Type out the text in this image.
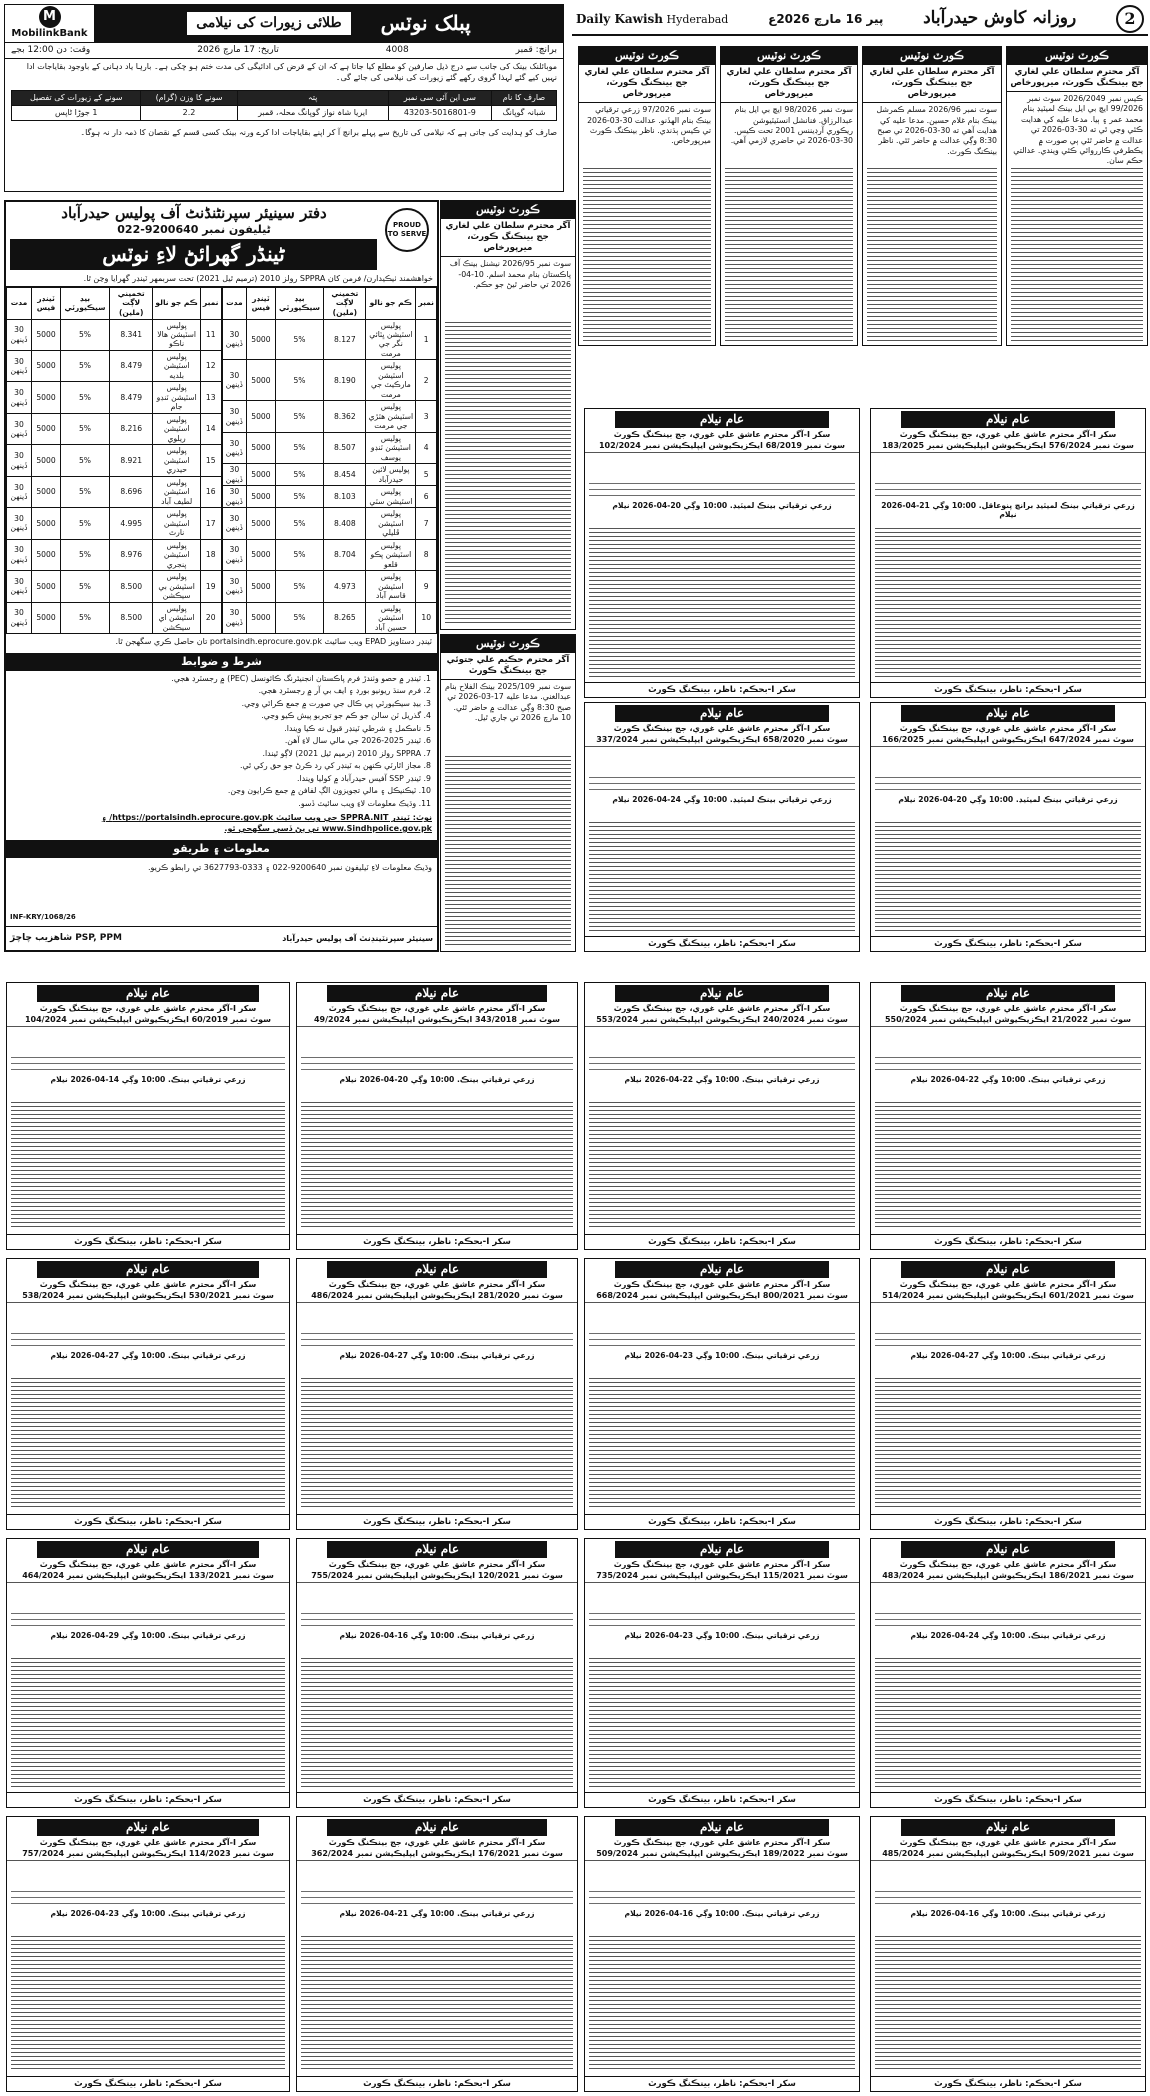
Daily Kawish Hyderabad	پیر 16 مارچ 2026ع روزانہ کاوش حیدرآباد	2
M
MobilinkBank
طلائی زیورات کی نیلامی	پبلک نوٽس
برانچ: قمبر
4008
تاریخ: 17 مارچ 2026
وقت: دن 12:00 بجے
موبائلنک بینک کی جانب سے درج ذیل صارفین کو مطلع کیا جاتا ہے کہ ان کے قرض کی ادائیگی کی مدت ختم ہو چکی ہے۔ بارہا یاد دہانی کے باوجود بقایاجات ادا نہیں کیے گئے لہذا گروی رکھے گئے زیورات کی نیلامی کی جائے گی۔
صارف کا نام	سی این آئی سی نمبر	پتہ	سونے کا وزن (گرام)	سونے کے زیورات کی تفصیل
شبانہ گوپانگ	43203-5016801-9	ایریا شاہ نواز گوپانگ محلہ، قمبر	2.2	1 جوڑا ٹاپس
صارف کو ہدایت کی جاتی ہے کہ نیلامی کی تاریخ سے پہلے برانچ آ کر اپنے بقایاجات ادا کرے ورنہ بینک کسی قسم کے نقصان کا ذمہ دار نہ ہوگا۔
PROUD TO SERVE
دفتر سینیئر سپرنٹنڈنٹ آف پولیس حیدرآباد
ٹیلیفون نمبر 9200640-022
ٹینڈر گھرائڻ لاءِ نوٽس
خواهشمند ٺيڪيدارن/ فرمن کان SPPRA رولز 2010 (ترميم ٿيل 2021) تحت سربمهر ٽينڊر گهرايا وڃن ٿا.
نمبر	ڪم جو نالو	تخميني لاڳت (ملين)	بيڊ سيڪيورٽي	ٽينڊر فيس	مدت
1	پوليس اسٽيشن ڀٽائي نگر جي مرمت	8.127	5%	5000	30 ڏينهن
2	پوليس اسٽيشن مارڪيٽ جي مرمت	8.190	5%	5000	30 ڏينهن
3	پوليس اسٽيشن هٽڙي جي مرمت	8.362	5%	5000	30 ڏينهن
4	پوليس اسٽيشن ٽنڊو يوسف	8.507	5%	5000	30 ڏينهن
5	پوليس لائين حيدرآباد	8.454	5%	5000	30 ڏينهن
6	پوليس اسٽيشن سٽي	8.103	5%	5000	30 ڏينهن
7	پوليس اسٽيشن ڦليلي	8.408	5%	5000	30 ڏينهن
8	پوليس اسٽيشن پڪو قلعو	8.704	5%	5000	30 ڏينهن
9	پوليس اسٽيشن قاسم آباد	4.973	5%	5000	30 ڏينهن
10	پوليس اسٽيشن حسين آباد	8.265	5%	5000	30 ڏينهن
نمبر	ڪم جو نالو	تخميني لاڳت (ملين)	بيڊ سيڪيورٽي	ٽينڊر فيس	مدت
11	پوليس اسٽيشن هالا ناڪو	8.341	5%	5000	30 ڏينهن
12	پوليس اسٽيشن بلديه	8.479	5%	5000	30 ڏينهن
13	پوليس اسٽيشن ٽنڊو جام	8.479	5%	5000	30 ڏينهن
14	پوليس اسٽيشن ريلوي	8.216	5%	5000	30 ڏينهن
15	پوليس اسٽيشن حيدري	8.921	5%	5000	30 ڏينهن
16	پوليس اسٽيشن لطيف آباد	8.696	5%	5000	30 ڏينهن
17	پوليس اسٽيشن نارٿ	4.995	5%	5000	30 ڏينهن
18	پوليس اسٽيشن پنجري	8.976	5%	5000	30 ڏينهن
19	پوليس اسٽيشن بي سيڪشن	8.500	5%	5000	30 ڏينهن
20	پوليس اسٽيشن اي سيڪشن	8.500	5%	5000	30 ڏينهن
ٽينڊر دستاويز EPAD ويب سائيٽ portalsindh.eprocure.gov.pk تان حاصل ڪري سگهجن ٿا.
شرط و ضوابط
1. ٽينڊر ۾ حصو وٺندڙ فرم پاڪستان انجنيئرنگ ڪائونسل (PEC) ۾ رجسٽرڊ هجي.
2. فرم سنڌ ريونيو بورڊ ۽ ايف بي آر ۾ رجسٽرڊ هجي.
3. بيڊ سيڪيورٽي پي ڪال جي صورت ۾ جمع ڪرائي وڃي.
4. گذريل ٽن سالن جو ڪم جو تجربو پيش ڪيو وڃي.
5. نامڪمل ۽ شرطي ٽينڊر قبول نه ڪيا ويندا.
6. ٽينڊر 2025-2026 جي مالي سال لاءِ آهن.
7. SPPRA رولز 2010 (ترميم ٿيل 2021) لاڳو ٿيندا.
8. مجاز اٿارٽي ڪنهن به ٽينڊر کي رد ڪرڻ جو حق رکي ٿي.
9. ٽينڊر SSP آفيس حيدرآباد ۾ کوليا ويندا.
10. ٽيڪنيڪل ۽ مالي تجويزون الڳ لفافن ۾ جمع ڪرايون وڃن.
11. وڌيڪ معلومات لاءِ ويب سائيٽ ڏسو.
نوٽ: ٽينڊر SPPRA.NIT جي ويب سائيٽ https://portalsindh.eprocure.gov.pk/ ۽ www.Sindhpolice.gov.pk تي پڻ ڏسي سگهجي ٿو.
معلومات ۽ طريقو
وڌيڪ معلومات لاءِ ٽيليفون نمبر 9200640-022 ۽ 0333-3627793 تي رابطو ڪريو.
INF-KRY/1068/26
شاهزيب چاچڙ PSP, PPM	سينيئر سپرنٽينڊنٽ آف پوليس حيدرآباد
ڪورٽ نوٽيس
آگر محترم سلطان علي لغاري جج بينڪنگ ڪورٽ، ميرپورخاص
ڪيس نمبر 2026/2049 سوٽ نمبر 99/2026 ايڇ بي ايل بينڪ لميٽيڊ بنام محمد عمر ۽ ٻيا. مدعا عليه کي هدايت ڪئي وڃي ٿي ته 30-03-2026 تي عدالت ۾ حاضر ٿئي ٻي صورت ۾ يڪطرفي ڪارروائي ڪئي ويندي. عدالتي حڪم سان.
ڪورٽ نوٽيس
آگر محترم سلطان علي لغاري جج بينڪنگ ڪورٽ، ميرپورخاص
سوٽ نمبر 2026/96 مسلم ڪمرشل بينڪ بنام غلام حسين. مدعا عليه کي هدايت آهي ته 30-03-2026 تي صبح 8:30 وڳي عدالت ۾ حاضر ٿئي. ناظر بينڪنگ ڪورٽ.
ڪورٽ نوٽيس
آگر محترم سلطان علي لغاري جج بينڪنگ ڪورٽ، ميرپورخاص
سوٽ نمبر 98/2026 ايڇ بي ايل بنام عبدالرزاق. فنانشل انسٽيٽيوشن ريڪوري آرڊيننس 2001 تحت ڪيس. 30-03-2026 تي حاضري لازمي آهي.
ڪورٽ نوٽيس
آگر محترم سلطان علي لغاري جج بينڪنگ ڪورٽ، ميرپورخاص
سوٽ نمبر 97/2026 زرعي ترقياتي بينڪ بنام الهڏنو. عدالت 30-03-2026 تي ڪيس ٻڌندي. ناظر بينڪنگ ڪورٽ ميرپورخاص.
ڪورٽ نوٽيس
آگر محترم سلطان علي لغاري جج بينڪنگ ڪورٽ، ميرپورخاص
سوٽ نمبر 2026/95 نيشنل بينڪ آف پاڪستان بنام محمد اسلم. 10-04-2026 تي حاضر ٿيڻ جو حڪم.
ڪورٽ نوٽيس
آگر محترم حڪيم علي جتوئي جج بينڪنگ ڪورٽ
سوٽ نمبر 2025/109 بينڪ الفلاح بنام عبدالغني. مدعا عليه 17-03-2026 تي صبح 8:30 وڳي عدالت ۾ حاضر ٿئي. 10 مارچ 2026 تي جاري ٿيل.
عام نيلام
آگر محترم عاشق علي غوري، جج بينڪنگ ڪورٽ-I سکر
سوٽ نمبر 576/2024 ايڪزيڪيوشن ايپليڪيشن نمبر 183/2025
زرعي ترقياتي بينڪ لميٽيڊ برانچ پنوعاقل. 10:00 وڳي 21-04-2026 نيلام
بحڪم: ناظر، بينڪنگ ڪورٽ-I سکر
عام نيلام
آگر محترم عاشق علي غوري، جج بينڪنگ ڪورٽ-I سکر
سوٽ نمبر 68/2019 ايڪزيڪيوشن ايپليڪيشن نمبر 102/2024
زرعي ترقياتي بينڪ لميٽيڊ. 10:00 وڳي 20-04-2026 نيلام
بحڪم: ناظر، بينڪنگ ڪورٽ-I سکر
عام نيلام
آگر محترم عاشق علي غوري، جج بينڪنگ ڪورٽ-I سکر
سوٽ نمبر 647/2024 ايڪزيڪيوشن ايپليڪيشن نمبر 166/2025
زرعي ترقياتي بينڪ لميٽيڊ. 10:00 وڳي 20-04-2026 نيلام
بحڪم: ناظر، بينڪنگ ڪورٽ-I سکر
عام نيلام
آگر محترم عاشق علي غوري، جج بينڪنگ ڪورٽ-I سکر
سوٽ نمبر 658/2020 ايڪزيڪيوشن ايپليڪيشن نمبر 337/2024
زرعي ترقياتي بينڪ لميٽيڊ. 10:00 وڳي 24-04-2026 نيلام
بحڪم: ناظر، بينڪنگ ڪورٽ-I سکر
عام نيلام
آگر محترم عاشق علي غوري، جج بينڪنگ ڪورٽ-I سکر
سوٽ نمبر 21/2022 ايڪزيڪيوشن ايپليڪيشن نمبر 550/2024
زرعي ترقياتي بينڪ. 10:00 وڳي 22-04-2026 نيلام
بحڪم: ناظر، بينڪنگ ڪورٽ-I سکر
عام نيلام
آگر محترم عاشق علي غوري، جج بينڪنگ ڪورٽ-I سکر
سوٽ نمبر 240/2024 ايڪزيڪيوشن ايپليڪيشن نمبر 553/2024
زرعي ترقياتي بينڪ. 10:00 وڳي 22-04-2026 نيلام
بحڪم: ناظر، بينڪنگ ڪورٽ-I سکر
عام نيلام
آگر محترم عاشق علي غوري، جج بينڪنگ ڪورٽ-I سکر
سوٽ نمبر 343/2018 ايڪزيڪيوشن ايپليڪيشن نمبر 49/2024
زرعي ترقياتي بينڪ. 10:00 وڳي 20-04-2026 نيلام
بحڪم: ناظر، بينڪنگ ڪورٽ-I سکر
عام نيلام
آگر محترم عاشق علي غوري، جج بينڪنگ ڪورٽ-I سکر
سوٽ نمبر 60/2019 ايڪزيڪيوشن ايپليڪيشن نمبر 104/2024
زرعي ترقياتي بينڪ. 10:00 وڳي 14-04-2026 نيلام
بحڪم: ناظر، بينڪنگ ڪورٽ-I سکر
عام نيلام
آگر محترم عاشق علي غوري، جج بينڪنگ ڪورٽ-I سکر
سوٽ نمبر 601/2021 ايڪزيڪيوشن ايپليڪيشن نمبر 514/2024
زرعي ترقياتي بينڪ. 10:00 وڳي 27-04-2026 نيلام
بحڪم: ناظر، بينڪنگ ڪورٽ-I سکر
عام نيلام
آگر محترم عاشق علي غوري، جج بينڪنگ ڪورٽ-I سکر
سوٽ نمبر 800/2021 ايڪزيڪيوشن ايپليڪيشن نمبر 668/2024
زرعي ترقياتي بينڪ. 10:00 وڳي 23-04-2026 نيلام
بحڪم: ناظر، بينڪنگ ڪورٽ-I سکر
عام نيلام
آگر محترم عاشق علي غوري، جج بينڪنگ ڪورٽ-I سکر
سوٽ نمبر 281/2020 ايڪزيڪيوشن ايپليڪيشن نمبر 486/2024
زرعي ترقياتي بينڪ. 10:00 وڳي 27-04-2026 نيلام
بحڪم: ناظر، بينڪنگ ڪورٽ-I سکر
عام نيلام
آگر محترم عاشق علي غوري، جج بينڪنگ ڪورٽ-I سکر
سوٽ نمبر 530/2021 ايڪزيڪيوشن ايپليڪيشن نمبر 538/2024
زرعي ترقياتي بينڪ. 10:00 وڳي 27-04-2026 نيلام
بحڪم: ناظر، بينڪنگ ڪورٽ-I سکر
عام نيلام
آگر محترم عاشق علي غوري، جج بينڪنگ ڪورٽ-I سکر
سوٽ نمبر 186/2021 ايڪزيڪيوشن ايپليڪيشن نمبر 483/2024
زرعي ترقياتي بينڪ. 10:00 وڳي 24-04-2026 نيلام
بحڪم: ناظر، بينڪنگ ڪورٽ-I سکر
عام نيلام
آگر محترم عاشق علي غوري، جج بينڪنگ ڪورٽ-I سکر
سوٽ نمبر 115/2021 ايڪزيڪيوشن ايپليڪيشن نمبر 735/2024
زرعي ترقياتي بينڪ. 10:00 وڳي 23-04-2026 نيلام
بحڪم: ناظر، بينڪنگ ڪورٽ-I سکر
عام نيلام
آگر محترم عاشق علي غوري، جج بينڪنگ ڪورٽ-I سکر
سوٽ نمبر 120/2021 ايڪزيڪيوشن ايپليڪيشن نمبر 755/2024
زرعي ترقياتي بينڪ. 10:00 وڳي 16-04-2026 نيلام
بحڪم: ناظر، بينڪنگ ڪورٽ-I سکر
عام نيلام
آگر محترم عاشق علي غوري، جج بينڪنگ ڪورٽ-I سکر
سوٽ نمبر 133/2021 ايڪزيڪيوشن ايپليڪيشن نمبر 464/2024
زرعي ترقياتي بينڪ. 10:00 وڳي 29-04-2026 نيلام
بحڪم: ناظر، بينڪنگ ڪورٽ-I سکر
عام نيلام
آگر محترم عاشق علي غوري، جج بينڪنگ ڪورٽ-I سکر
سوٽ نمبر 509/2021 ايڪزيڪيوشن ايپليڪيشن نمبر 485/2024
زرعي ترقياتي بينڪ. 10:00 وڳي 16-04-2026 نيلام
بحڪم: ناظر، بينڪنگ ڪورٽ-I سکر
عام نيلام
آگر محترم عاشق علي غوري، جج بينڪنگ ڪورٽ-I سکر
سوٽ نمبر 189/2022 ايڪزيڪيوشن ايپليڪيشن نمبر 509/2024
زرعي ترقياتي بينڪ. 10:00 وڳي 16-04-2026 نيلام
بحڪم: ناظر، بينڪنگ ڪورٽ-I سکر
عام نيلام
آگر محترم عاشق علي غوري، جج بينڪنگ ڪورٽ-I سکر
سوٽ نمبر 176/2021 ايڪزيڪيوشن ايپليڪيشن نمبر 362/2024
زرعي ترقياتي بينڪ. 10:00 وڳي 21-04-2026 نيلام
بحڪم: ناظر، بينڪنگ ڪورٽ-I سکر
عام نيلام
آگر محترم عاشق علي غوري، جج بينڪنگ ڪورٽ-I سکر
سوٽ نمبر 114/2023 ايڪزيڪيوشن ايپليڪيشن نمبر 757/2024
زرعي ترقياتي بينڪ. 10:00 وڳي 23-04-2026 نيلام
بحڪم: ناظر، بينڪنگ ڪورٽ-I سکر
